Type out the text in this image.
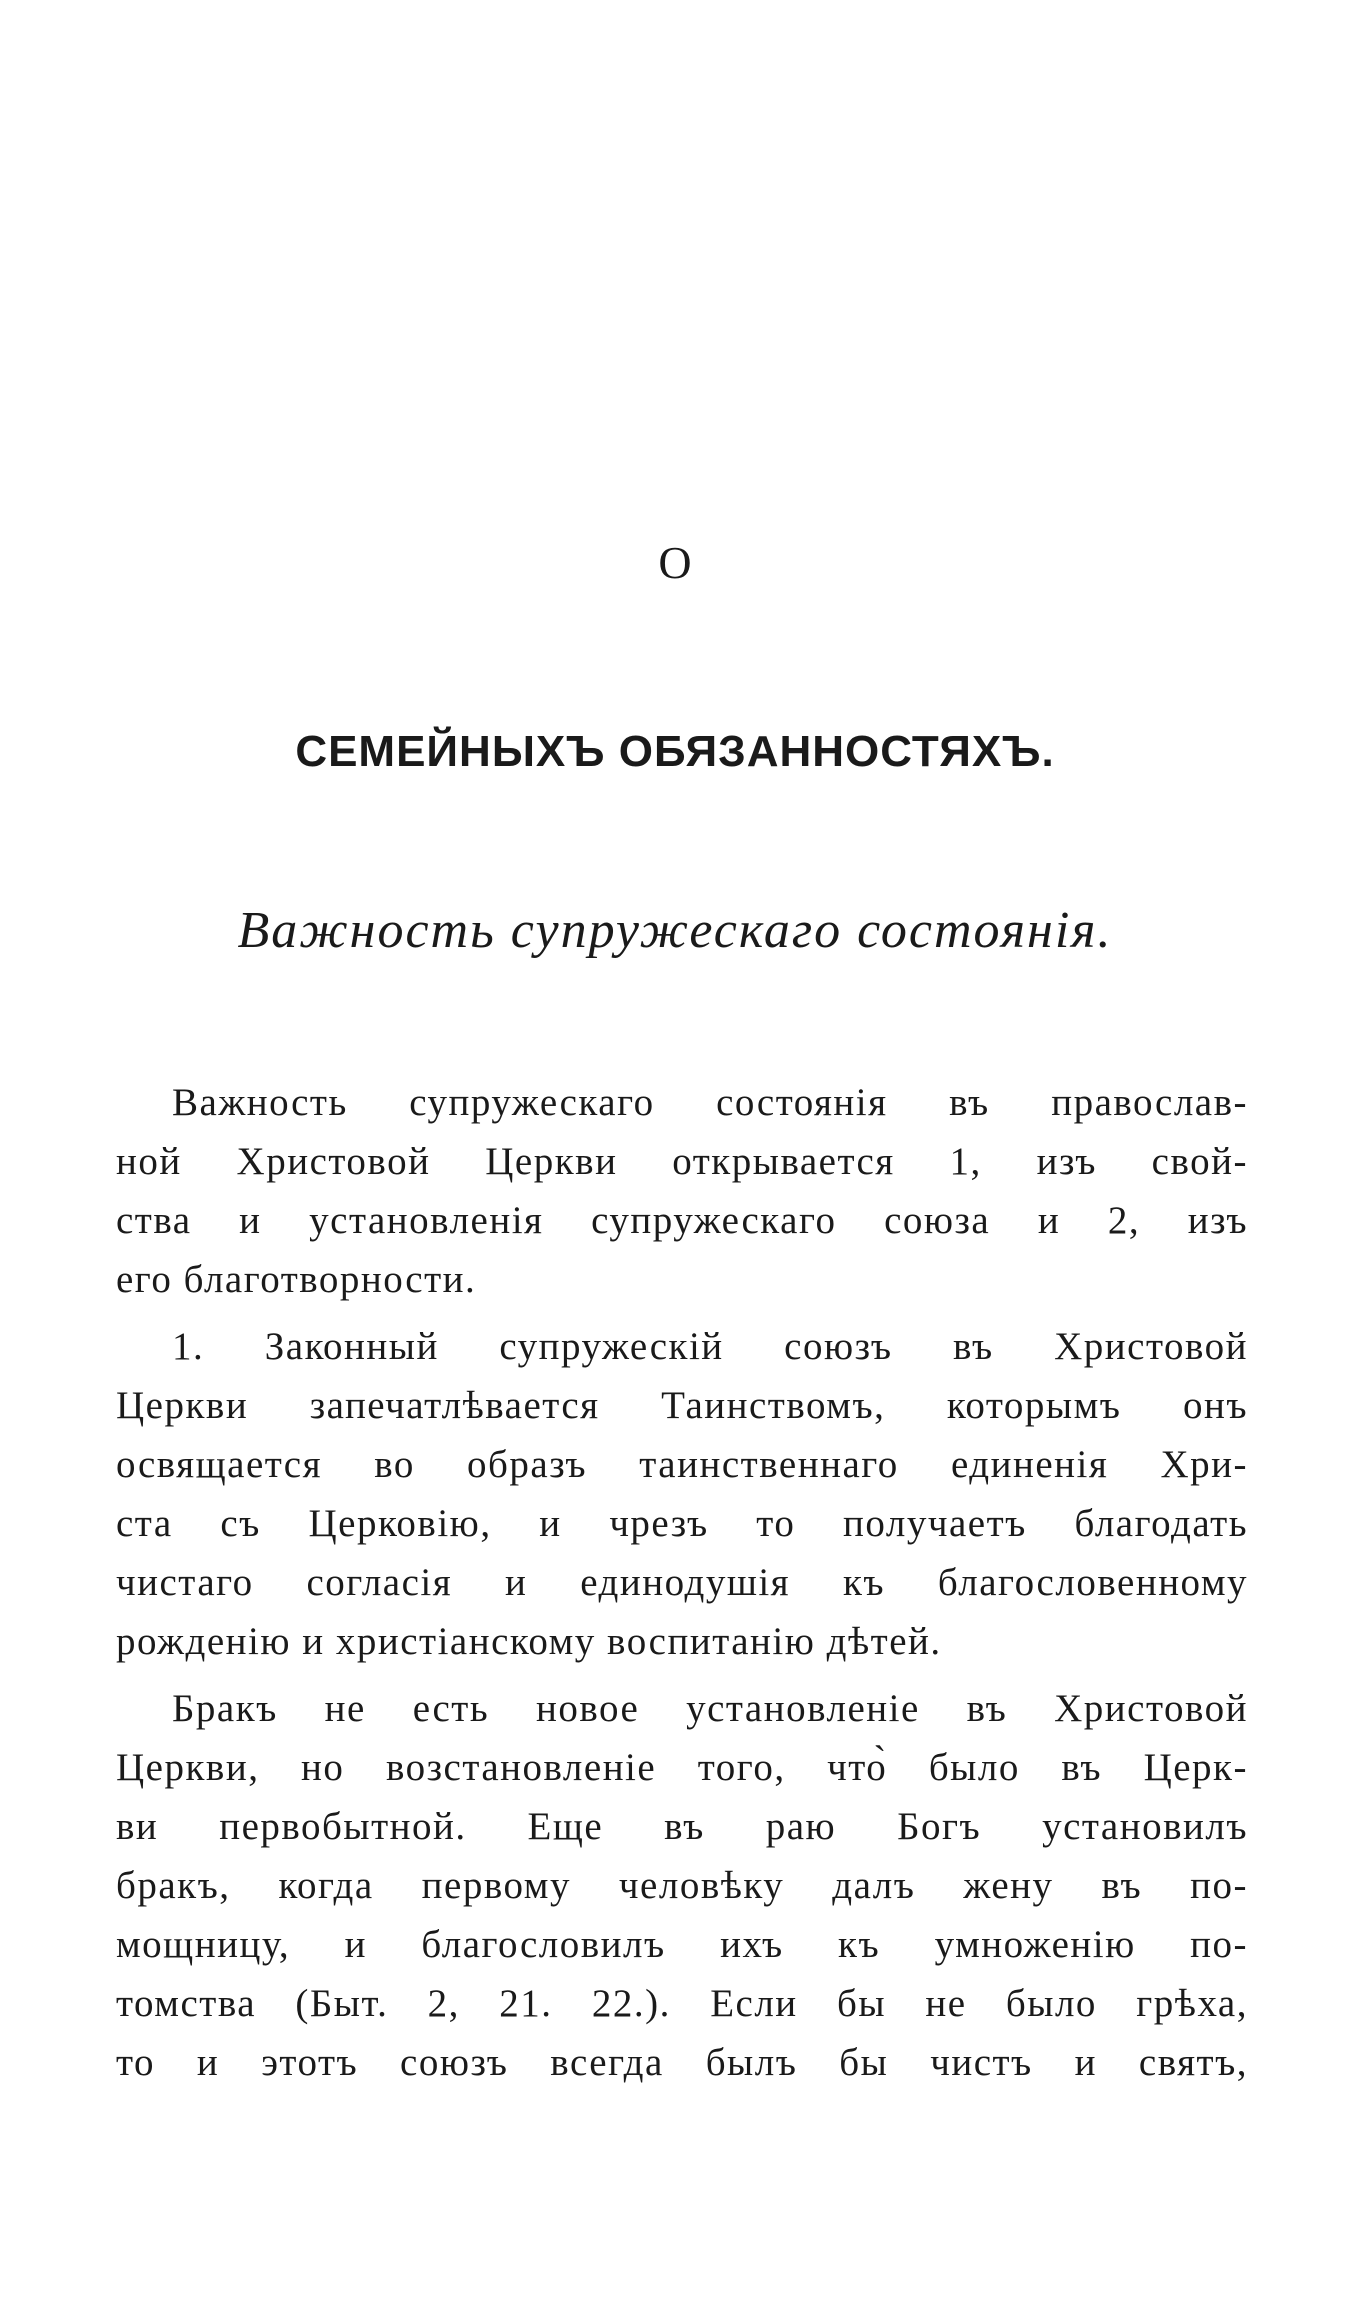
О
СЕМЕЙНЫХЪ ОБЯЗАННОСТЯХЪ.
Важность супружескаго состоянія.
Важность супружескаго состоянія въ православ-
ной Христовой Церкви открывается 1, изъ свой-
ства и установленія супружескаго союза и 2, изъ
его благотворности.
1. Законный супружескій союзъ въ Христовой
Церкви запечатлѣвается Таинствомъ, которымъ онъ
освящается во образъ таинственнаго единенія Хри-
ста съ Церковію, и чрезъ то получаетъ благодать
чистаго согласія и единодушія къ благословенному
рожденію и христіанскому воспитанію дѣтей.
Бракъ не есть новое установленіе въ Христовой
Церкви, но возстановленіе того, что̀ было въ Церк-
ви первобытной. Еще въ раю Богъ установилъ
бракъ, когда первому человѣку далъ жену въ по-
мощницу, и благословилъ ихъ къ умноженію по-
томства (Быт. 2, 21. 22.). Если бы не было грѣха,
то и этотъ союзъ всегда былъ бы чистъ и святъ,
